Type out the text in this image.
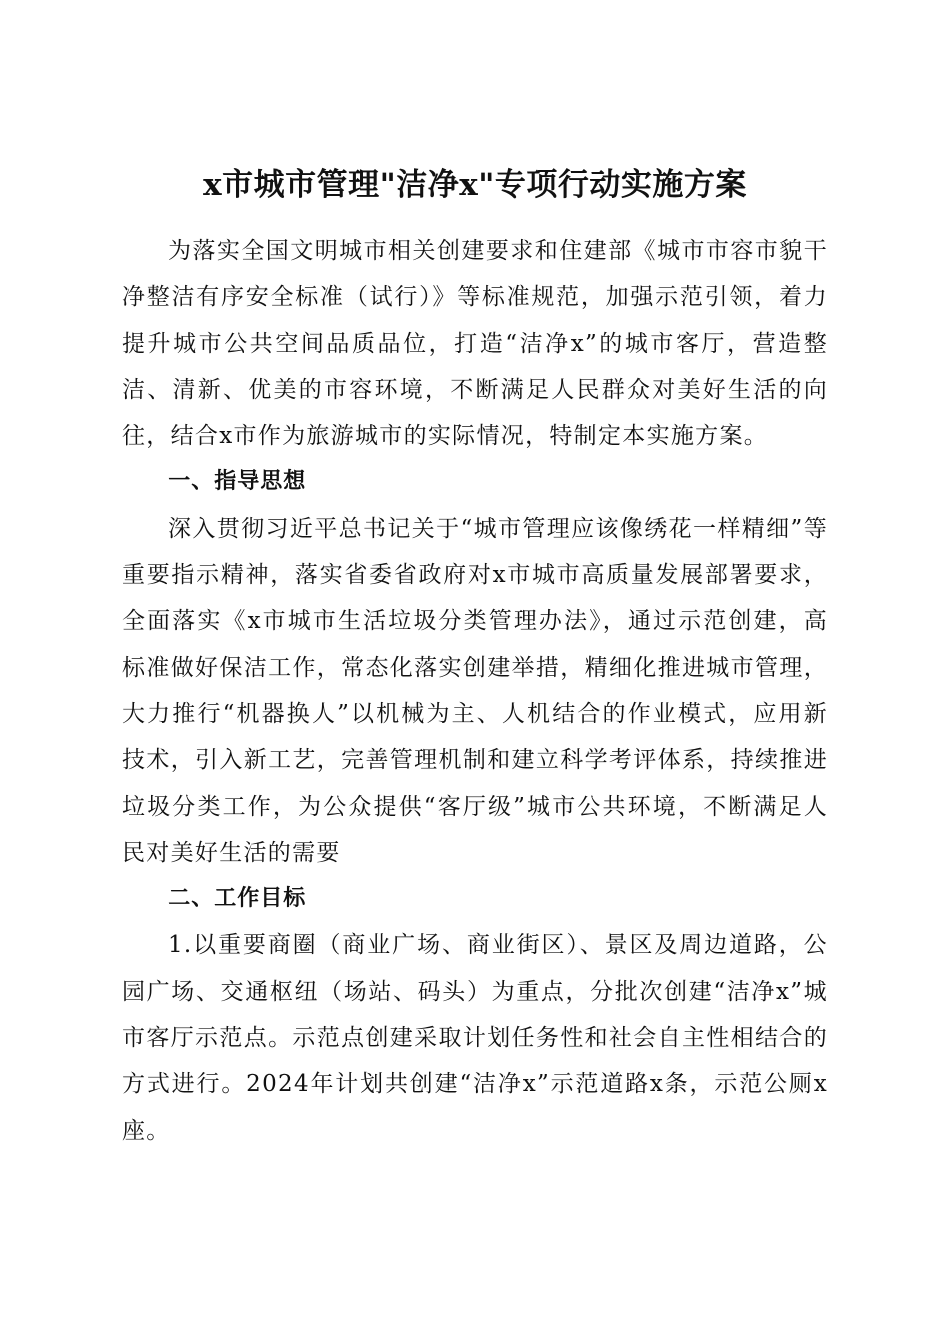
x市城市管理"洁净x"专项行动实施方案

为落实全国文明城市相关创建要求和住建部《城市市容市貌干净整洁有序安全标准（试行）》等标准规范，加强示范引领，着力提升城市公共空间品质品位，打造“洁净x”的城市客厅，营造整洁、清新、优美的市容环境，不断满足人民群众对美好生活的向往，结合x市作为旅游城市的实际情况，特制定本实施方案。

一、指导思想

深入贯彻习近平总书记关于“城市管理应该像绣花一样精细”等重要指示精神，落实省委省政府对x市城市高质量发展部署要求，全面落实《x市城市生活垃圾分类管理办法》，通过示范创建，高标准做好保洁工作，常态化落实创建举措，精细化推进城市管理，大力推行“机器换人”以机械为主、人机结合的作业模式，应用新技术，引入新工艺，完善管理机制和建立科学考评体系，持续推进垃圾分类工作，为公众提供“客厅级”城市公共环境，不断满足人民对美好生活的需要

二、工作目标

1.以重要商圈（商业广场、商业街区）、景区及周边道路，公园广场、交通枢纽（场站、码头）为重点，分批次创建“洁净x”城市客厅示范点。示范点创建采取计划任务性和社会自主性相结合的方式进行。2024年计划共创建“洁净x”示范道路x条，示范公厕x座。
